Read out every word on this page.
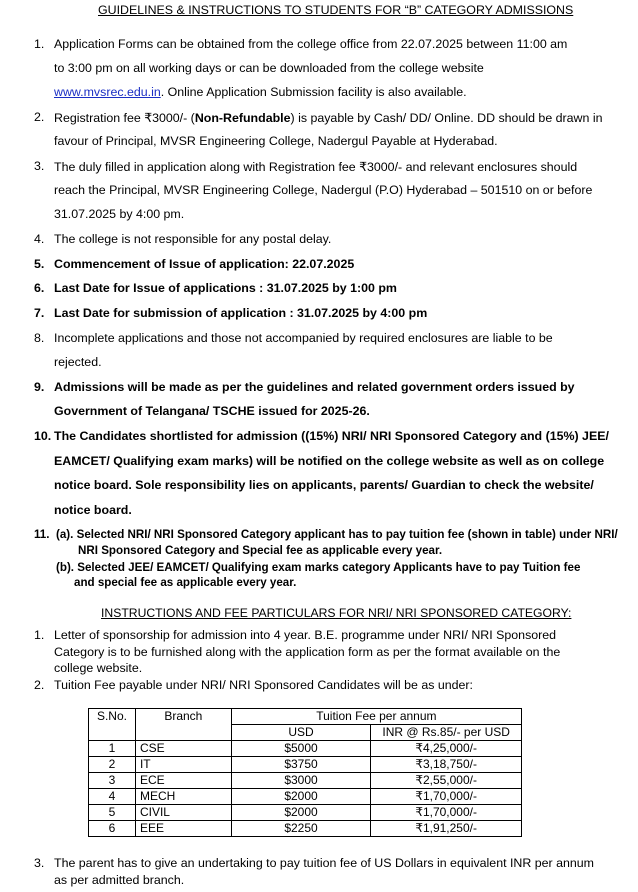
GUIDELINES & INSTRUCTIONS TO STUDENTS FOR “B” CATEGORY ADMISSIONS
1. Application Forms can be obtained from the college office from 22.07.2025 between 11:00 am
to 3:00 pm on all working days or can be downloaded from the college website
www.mvsrec.edu.in. Online Application Submission facility is also available.
2. Registration fee ₹3000/- (Non-Refundable) is payable by Cash/ DD/ Online. DD should be drawn in
favour of Principal, MVSR Engineering College, Nadergul Payable at Hyderabad.
3. The duly filled in application along with Registration fee ₹3000/- and relevant enclosures should
reach the Principal, MVSR Engineering College, Nadergul (P.O) Hyderabad – 501510 on or before
31.07.2025 by 4:00 pm.
4. The college is not responsible for any postal delay.
5. Commencement of Issue of application: 22.07.2025
6. Last Date for Issue of applications : 31.07.2025 by 1:00 pm
7. Last Date for submission of application : 31.07.2025 by 4:00 pm
8. Incomplete applications and those not accompanied by required enclosures are liable to be
rejected.
9. Admissions will be made as per the guidelines and related government orders issued by
Government of Telangana/ TSCHE issued for 2025-26.
10. The Candidates shortlisted for admission ((15%) NRI/ NRI Sponsored Category and (15%) JEE/
EAMCET/ Qualifying exam marks) will be notified on the college website as well as on college
notice board. Sole responsibility lies on applicants, parents/ Guardian to check the website/
notice board.
11. (a). Selected NRI/ NRI Sponsored Category applicant has to pay tuition fee (shown in table) under NRI/
NRI Sponsored Category and Special fee as applicable every year.
(b). Selected JEE/ EAMCET/ Qualifying exam marks category Applicants have to pay Tuition fee
and special fee as applicable every year.
INSTRUCTIONS AND FEE PARTICULARS FOR NRI/ NRI SPONSORED CATEGORY:
1. Letter of sponsorship for admission into 4 year. B.E. programme under NRI/ NRI Sponsored
Category is to be furnished along with the application form as per the format available on the
college website.
2. Tuition Fee payable under NRI/ NRI Sponsored Candidates will be as under:
S.No.	Branch	Tuition Fee per annum	
		USD	INR @ Rs.85/- per USD
1	CSE	$5000	₹4,25,000/-
2	IT	$3750	₹3,18,750/-
3	ECE	$3000	₹2,55,000/-
4	MECH	$2000	₹1,70,000/-
5	CIVIL	$2000	₹1,70,000/-
6	EEE	$2250	₹1,91,250/-
3. The parent has to give an undertaking to pay tuition fee of US Dollars in equivalent INR per annum
as per admitted branch.
